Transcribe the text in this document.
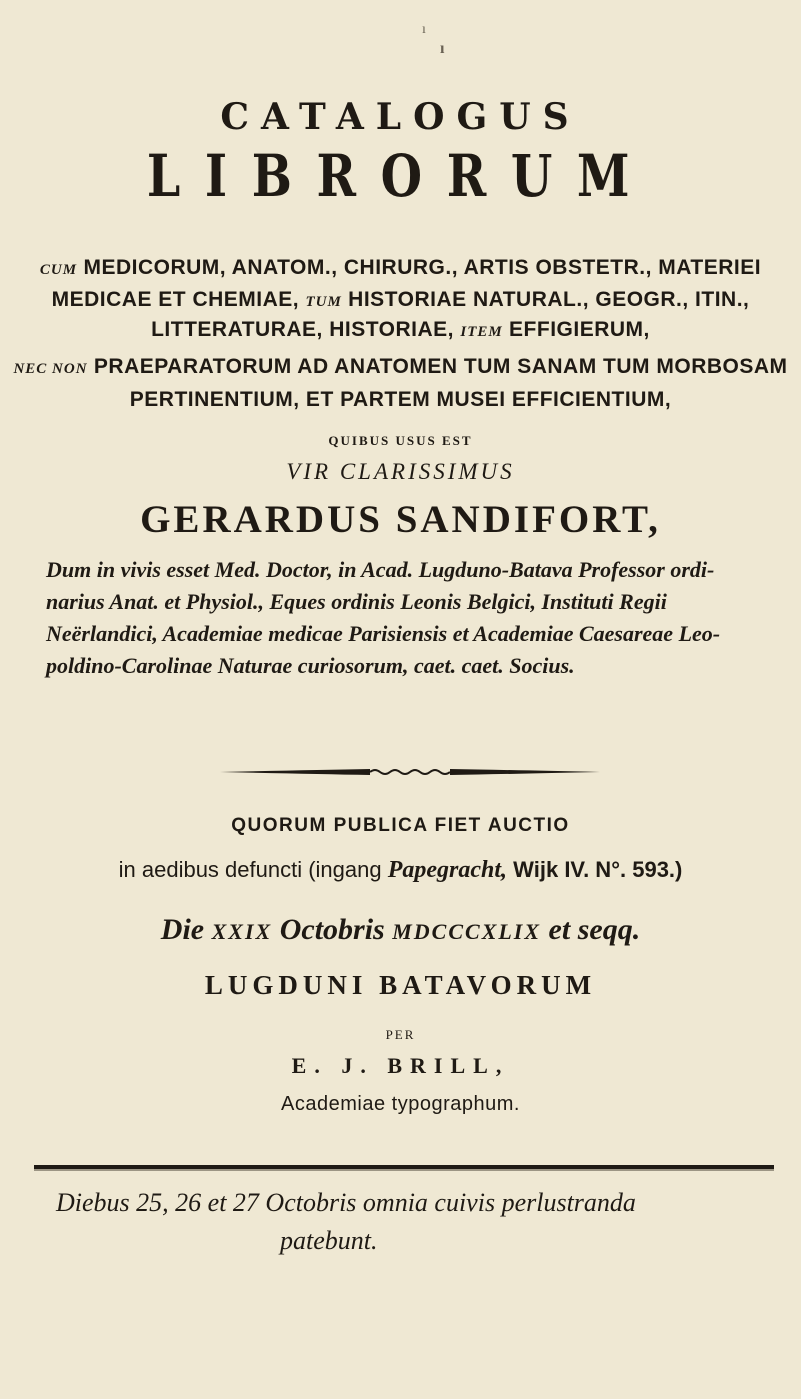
ı
ı
CATALOGUS
LIBRORUM
CUM MEDICORUM, ANATOM., CHIRURG., ARTIS OBSTETR., MATERIEI
MEDICAE ET CHEMIAE, TUM HISTORIAE NATURAL., GEOGR., ITIN.,
LITTERATURAE, HISTORIAE, ITEM EFFIGIERUM,
NEC NON PRAEPARATORUM AD ANATOMEN TUM SANAM TUM MORBOSAM
PERTINENTIUM, ET PARTEM MUSEI EFFICIENTIUM,
QUIBUS USUS EST
VIR CLARISSIMUS
GERARDUS SANDIFORT,
Dum in vivis esset Med. Doctor, in Acad. Lugduno-Batava Professor ordi-
narius Anat. et Physiol., Eques ordinis Leonis Belgici, Instituti Regii
Neërlandici, Academiae medicae Parisiensis et Academiae Caesareae Leo-
poldino-Carolinae Naturae curiosorum, caet. caet. Socius.
QUORUM PUBLICA FIET AUCTIO
in aedibus defuncti (ingang Papegracht, Wijk IV. N°. 593.)
Die XXIX Octobris MDCCCXLIX et seqq.
LUGDUNI BATAVORUM
PER
E. J. BRILL,
Academiae typographum.
Diebus 25, 26 et 27 Octobris omnia cuivis perlustranda
patebunt.
